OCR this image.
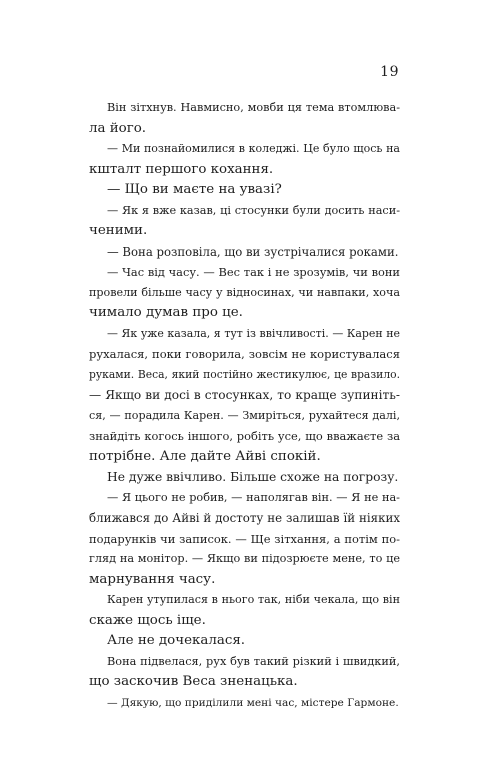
19
Він зітхнув. Навмисно, мовби ця тема втомлюва-
ла його.
— Ми познайомилися в коледжі. Це було щось на
кшталт першого кохання.
— Що ви маєте на увазі?
— Як я вже казав, ці стосунки були досить наси-
ченими.
— Вона розповіла, що ви зустрічалися роками.
— Час від часу. — Вес так і не зрозумів, чи вони
провели більше часу у відносинах, чи навпаки, хоча
чимало думав про це.
— Як уже казала, я тут із ввічливості. — Карен не
рухалася, поки говорила, зовсім не користувалася
руками. Веса, який постійно жестикулює, це вразило.
— Якщо ви досі в стосунках, то краще зупиніть-
ся, — порадила Карен. — Змиріться, рухайтеся далі,
знайдіть когось іншого, робіть усе, що вважаєте за
потрібне. Але дайте Айві спокій.
Не дуже ввічливо. Більше схоже на погрозу.
— Я цього не робив, — наполягав він. — Я не на-
ближався до Айві й достоту не залишав їй ніяких
подарунків чи записок. — Ще зітхання, а потім по-
гляд на монітор. — Якщо ви підозрюєте мене, то це
марнування часу.
Карен утупилася в нього так, ніби чекала, що він
скаже щось іще.
Але не дочекалася.
Вона підвелася, рух був такий різкий і швидкий,
що заскочив Веса зненацька.
— Дякую, що приділили мені час, містере Гармоне.
